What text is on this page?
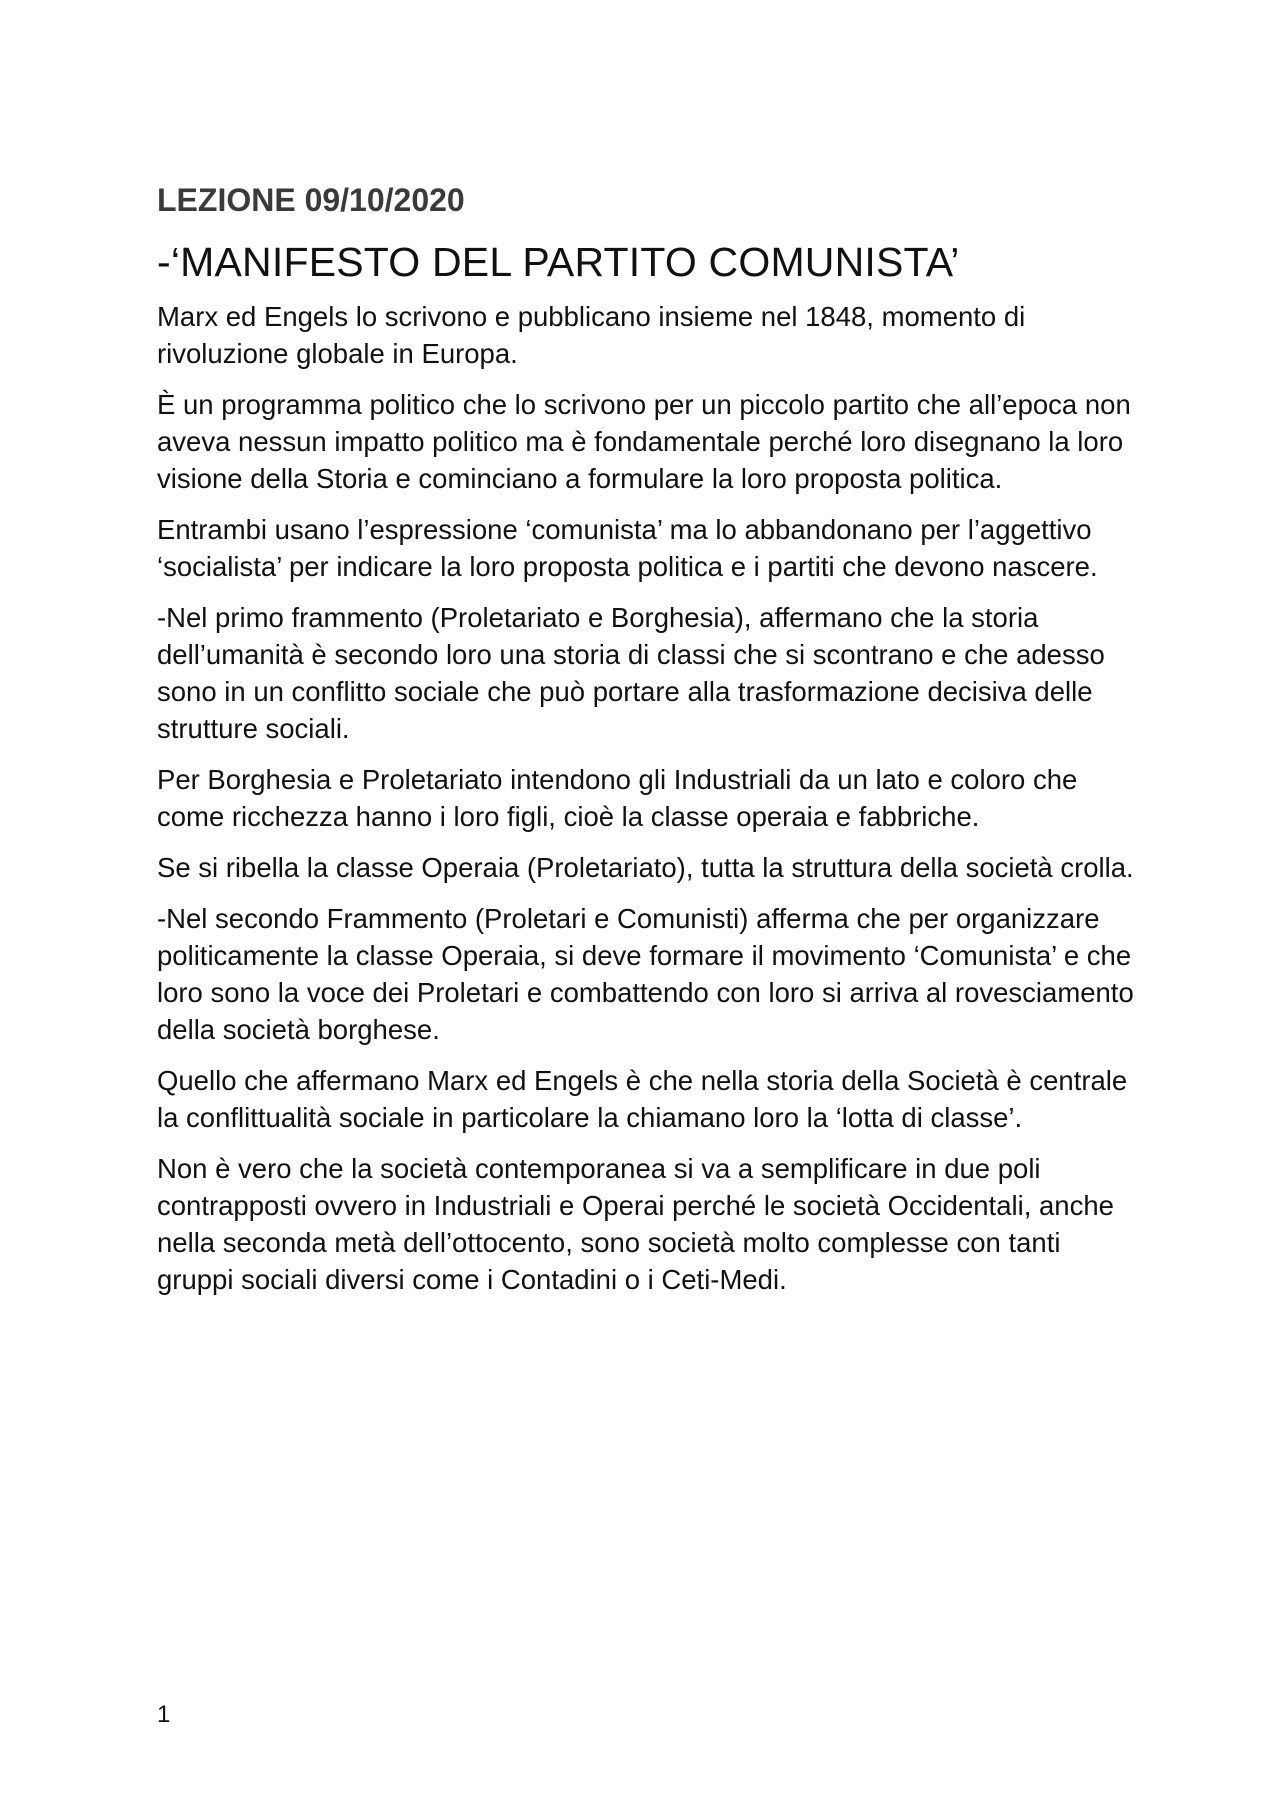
LEZIONE 09/10/2020
-‘MANIFESTO DEL PARTITO COMUNISTA’

Marx ed Engels lo scrivono e pubblicano insieme nel 1848, momento di rivoluzione globale in Europa.

È un programma politico che lo scrivono per un piccolo partito che all’epoca non aveva nessun impatto politico ma è fondamentale perché loro disegnano la loro visione della Storia e cominciano a formulare la loro proposta politica.

Entrambi usano l’espressione ‘comunista’ ma lo abbandonano per l’aggettivo ‘socialista’ per indicare la loro proposta politica e i partiti che devono nascere.

-Nel primo frammento (Proletariato e Borghesia), affermano che la storia dell’umanità è secondo loro una storia di classi che si scontrano e che adesso sono in un conflitto sociale che può portare alla trasformazione decisiva delle strutture sociali.

Per Borghesia e Proletariato intendono gli Industriali da un lato e coloro che come ricchezza hanno i loro figli, cioè la classe operaia e fabbriche.

Se si ribella la classe Operaia (Proletariato), tutta la struttura della società crolla.

-Nel secondo Frammento (Proletari e Comunisti) afferma che per organizzare politicamente la classe Operaia, si deve formare il movimento ‘Comunista’ e che loro sono la voce dei Proletari e combattendo con loro si arriva al rovesciamento della società borghese.

Quello che affermano Marx ed Engels è che nella storia della Società è centrale la conflittualità sociale in particolare la chiamano loro la ‘lotta di classe’.

Non è vero che la società contemporanea si va a semplificare in due poli contrapposti ovvero in Industriali e Operai perché le società Occidentali, anche nella seconda metà dell’ottocento, sono società molto complesse con tanti gruppi sociali diversi come i Contadini o i Ceti-Medi.

1
